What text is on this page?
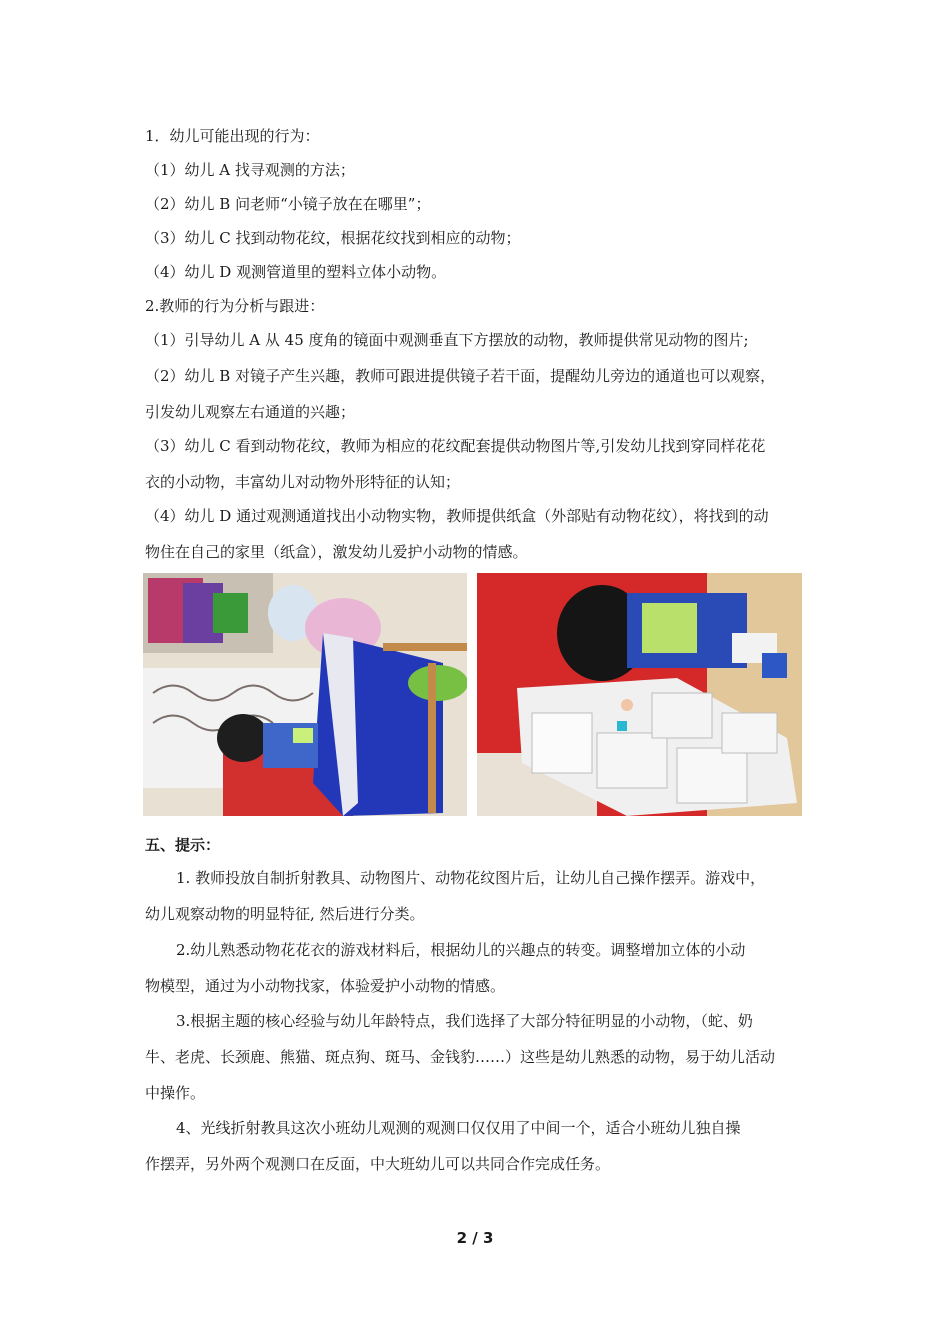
1．幼儿可能出现的行为：
（1）幼儿 A 找寻观测的方法；
（2）幼儿 B 问老师“小镜子放在在哪里”；
（3）幼儿 C 找到动物花纹，根据花纹找到相应的动物；
（4）幼儿 D 观测管道里的塑料立体小动物。
2.教师的行为分析与跟进：
（1）引导幼儿 A 从 45 度角的镜面中观测垂直下方摆放的动物，教师提供常见动物的图片;
（2）幼儿 B 对镜子产生兴趣，教师可跟进提供镜子若干面，提醒幼儿旁边的通道也可以观察，
引发幼儿观察左右通道的兴趣；
（3）幼儿 C 看到动物花纹，教师为相应的花纹配套提供动物图片等,引发幼儿找到穿同样花花
衣的小动物，丰富幼儿对动物外形特征的认知；
（4）幼儿 D 通过观测通道找出小动物实物，教师提供纸盒（外部贴有动物花纹），将找到的动
物住在自己的家里（纸盒），激发幼儿爱护小动物的情感。
五、提示：
1. 教师投放自制折射教具、动物图片、动物花纹图片后，让幼儿自己操作摆弄。游戏中，
幼儿观察动物的明显特征, 然后进行分类。
2.幼儿熟悉动物花花衣的游戏材料后，根据幼儿的兴趣点的转变。调整增加立体的小动
物模型，通过为小动物找家，体验爱护小动物的情感。
3.根据主题的核心经验与幼儿年龄特点，我们选择了大部分特征明显的小动物，（蛇、奶
牛、老虎、长颈鹿、熊猫、斑点狗、斑马、金钱豹……）这些是幼儿熟悉的动物，易于幼儿活动
中操作。
4、光线折射教具这次小班幼儿观测的观测口仅仅用了中间一个，适合小班幼儿独自操
作摆弄，另外两个观测口在反面，中大班幼儿可以共同合作完成任务。
2 / 3
